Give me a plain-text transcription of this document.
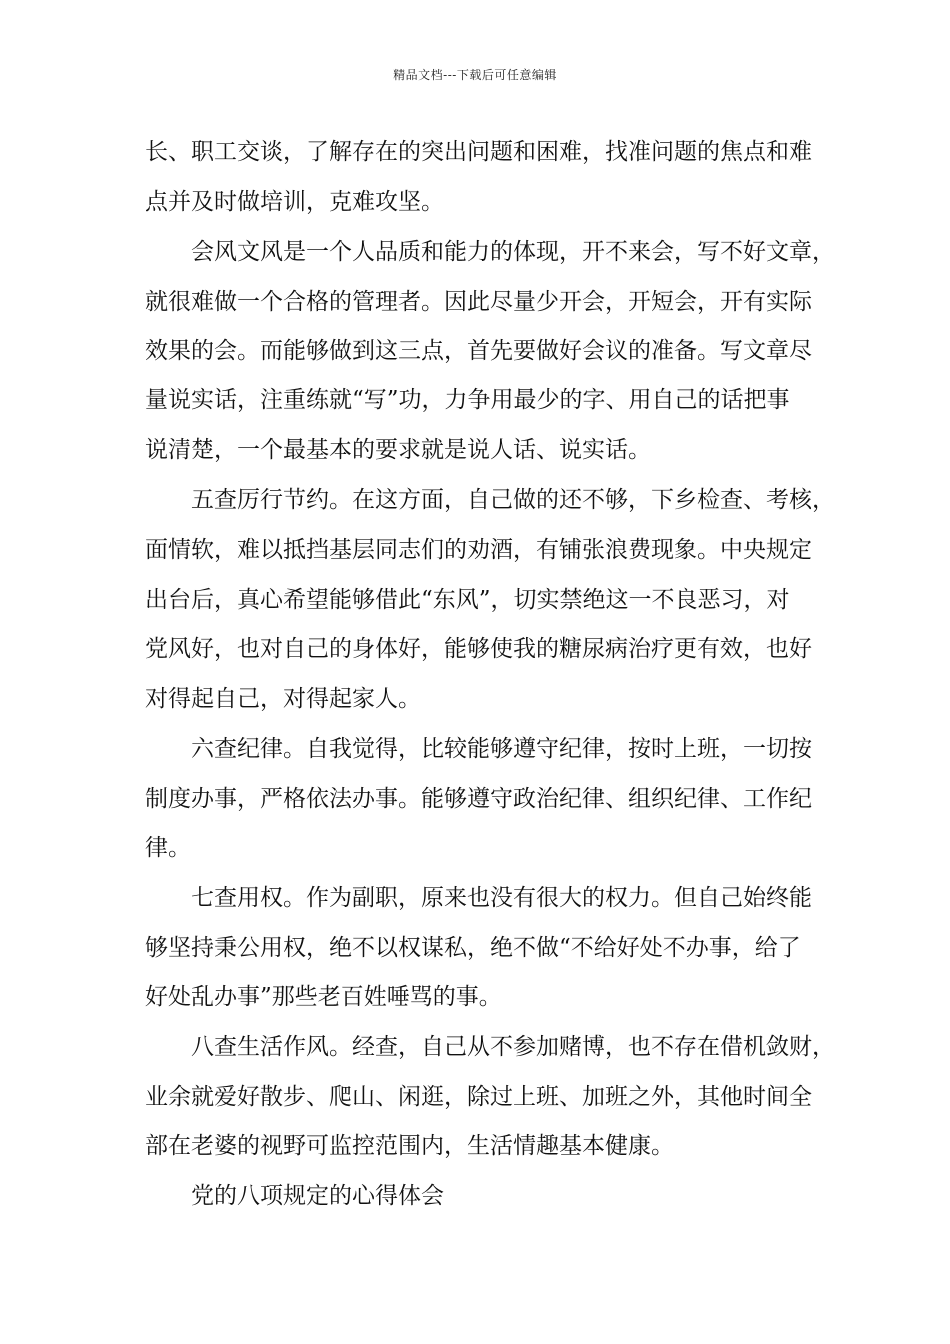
精品文档---下载后可任意编辑
长、职工交谈，了解存在的突出问题和困难，找准问题的焦点和难
点并及时做培训，克难攻坚。
会风文风是一个人品质和能力的体现，开不来会，写不好文章，
就很难做一个合格的管理者。因此尽量少开会，开短会，开有实际
效果的会。而能够做到这三点，首先要做好会议的准备。写文章尽
量说实话，注重练就“写”功，力争用最少的字、用自己的话把事
说清楚，一个最基本的要求就是说人话、说实话。
五查厉行节约。在这方面，自己做的还不够，下乡检查、考核，
面情软，难以抵挡基层同志们的劝酒，有铺张浪费现象。中央规定
出台后，真心希望能够借此“东风”，切实禁绝这一不良恶习，对
党风好，也对自己的身体好，能够使我的糖尿病治疗更有效，也好
对得起自己，对得起家人。
六查纪律。自我觉得，比较能够遵守纪律，按时上班，一切按
制度办事，严格依法办事。能够遵守政治纪律、组织纪律、工作纪
律。
七查用权。作为副职，原来也没有很大的权力。但自己始终能
够坚持秉公用权，绝不以权谋私，绝不做“不给好处不办事，给了
好处乱办事”那些老百姓唾骂的事。
八查生活作风。经查，自己从不参加赌博，也不存在借机敛财，
业余就爱好散步、爬山、闲逛，除过上班、加班之外，其他时间全
部在老婆的视野可监控范围内，生活情趣基本健康。
党的八项规定的心得体会
